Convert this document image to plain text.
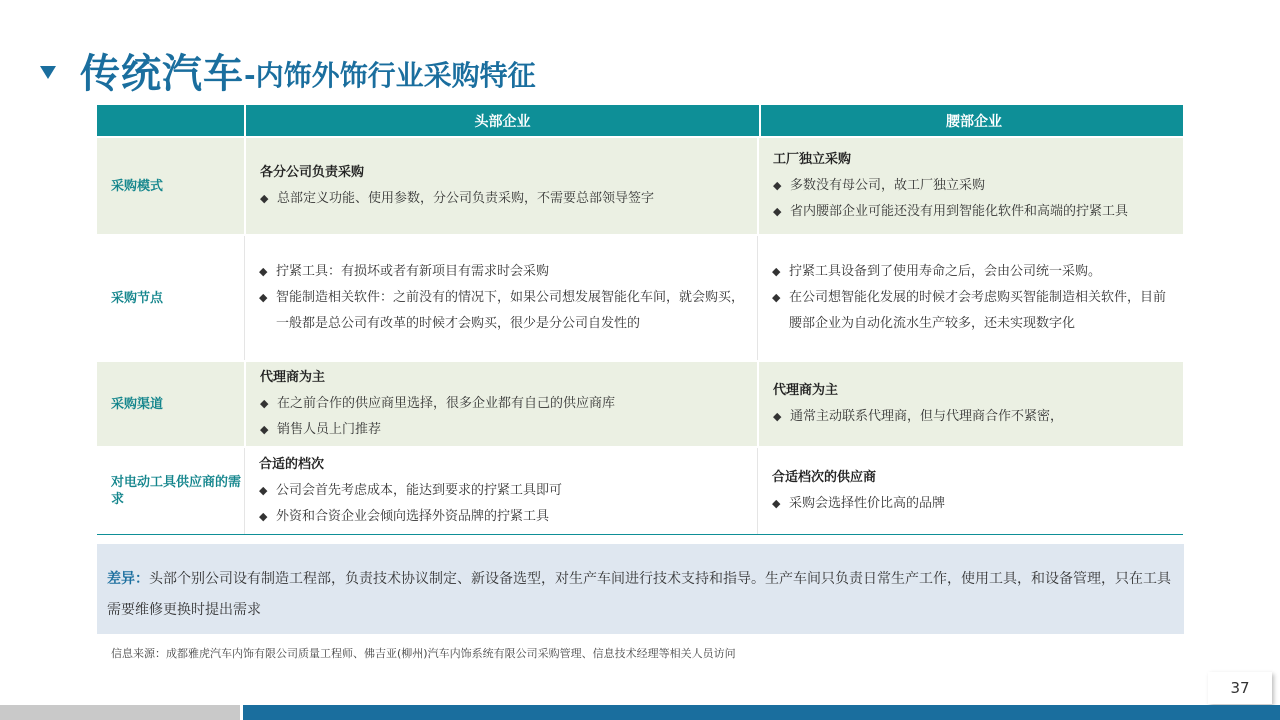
传统汽车 -内饰外饰行业采购特征
头部企业	腰部企业
采购模式
各分公司负责采购
◆ 总部定义功能、使用参数，分公司负责采购，不需要总部领导签字
工厂独立采购
◆ 多数没有母公司，故工厂独立采购
◆ 省内腰部企业可能还没有用到智能化软件和高端的拧紧工具
采购节点
◆ 拧紧工具：有损坏或者有新项目有需求时会采购
◆ 智能制造相关软件：之前没有的情况下，如果公司想发展智能化车间，就会购买，一般都是总公司有改革的时候才会购买，很少是分公司自发性的
◆ 拧紧工具设备到了使用寿命之后，会由公司统一采购。
◆ 在公司想智能化发展的时候才会考虑购买智能制造相关软件，目前腰部企业为自动化流水生产较多，还未实现数字化
采购渠道
代理商为主
◆ 在之前合作的供应商里选择，很多企业都有自己的供应商库
◆ 销售人员上门推荐
代理商为主
◆ 通常主动联系代理商，但与代理商合作不紧密，
对电动工具供应商的需求
合适的档次
◆ 公司会首先考虑成本，能达到要求的拧紧工具即可
◆ 外资和合资企业会倾向选择外资品牌的拧紧工具
合适档次的供应商
◆ 采购会选择性价比高的品牌
差异：头部个别公司设有制造工程部，负责技术协议制定、新设备选型，对生产车间进行技术支持和指导。生产车间只负责日常生产工作，使用工具，和设备管理，只在工具需要维修更换时提出需求
信息来源：成都雅虎汽车内饰有限公司质量工程师、佛吉亚(柳州)汽车内饰系统有限公司采购管理、信息技术经理等相关人员访问
37
